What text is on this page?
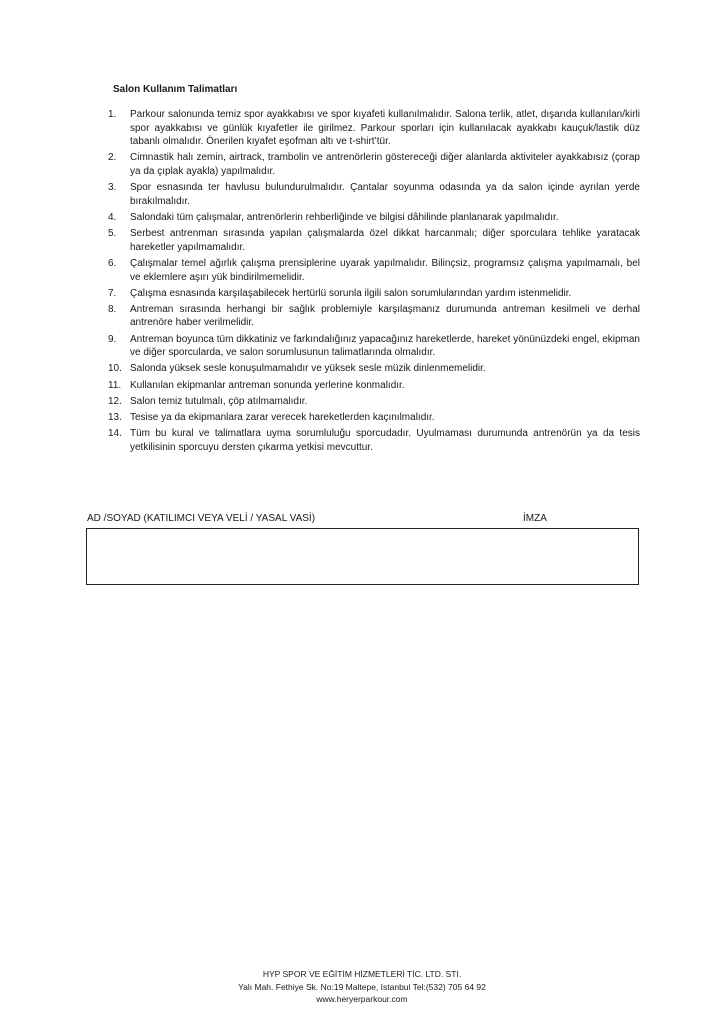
Salon Kullanım Talimatları
1.	Parkour salonunda temiz spor ayakkabısı ve spor kıyafeti kullanılmalıdır. Salona terlik, atlet, dışarıda kullanılan/kirli spor ayakkabısı ve günlük kıyafetler ile girilmez. Parkour sporları için kullanılacak ayakkabı kauçuk/lastik düz tabanlı olmalıdır. Önerilen kıyafet eşofman altı ve t-shirt’tür.
2.	Cimnastik halı zemin, airtrack, trambolin ve antrenörlerin göstereceği diğer alanlarda aktiviteler ayakkabısız (çorap ya da çıplak ayakla) yapılmalıdır.
3.	Spor esnasında ter havlusu bulundurulmalıdır. Çantalar soyunma odasında ya da salon içinde ayrılan yerde bırakılmalıdır.
4.	Salondaki tüm çalışmalar, antrenörlerin rehberliğinde ve bilgisi dâhilinde planlanarak yapılmalıdır.
5.	Serbest antrenman sırasında yapılan çalışmalarda özel dikkat harcanmalı; diğer sporculara tehlike yaratacak hareketler yapılmamalıdır.
6.	Çalışmalar temel ağırlık çalışma prensiplerine uyarak yapılmalıdır. Bilinçsiz, programsız çalışma yapılmamalı, bel ve eklemlere aşırı yük bindirilmemelidir.
7.	Çalışma esnasında karşılaşabilecek hertürlü sorunla ilgili salon sorumlularından yardım istenmelidir.
8.	Antreman sırasında herhangi bir sağlık problemiyle karşılaşmanız durumunda antreman kesilmeli ve derhal antrenöre haber verilmelidir.
9.	Antreman boyunca tüm dikkatiniz ve farkındalığınız yapacağınız hareketlerde, hareket yönünüzdeki engel, ekipman ve diğer sporcularda, ve salon sorumlusunun talimatlarında olmalıdır.
10. Salonda yüksek sesle konuşulmamalıdır ve yüksek sesle müzik dinlenmemelidir.
11. Kullanılan ekipmanlar antreman sonunda yerlerine konmalıdır.
12. Salon temiz tutulmalı, çöp atılmamalıdır.
13. Tesise ya da ekipmanlara zarar verecek hareketlerden kaçınılmalıdır.
14. Tüm bu kural ve talimatlara uyma sorumluluğu sporcudadır. Uyulmaması durumunda antrenörün ya da tesis yetkilisinin sporcuyu dersten çıkarma yetkisi mevcuttur.
AD /SOYAD (KATILIMCI VEYA VELİ / YASAL VASİ)	İMZA
HYP SPOR VE EĞİTİM HİZMETLERİ TİC. LTD. STI.
Yalı Mah. Fethiye Sk. No:19 Maltepe, Istanbul Tel:(532) 705 64 92
www.heryerparkour.com
